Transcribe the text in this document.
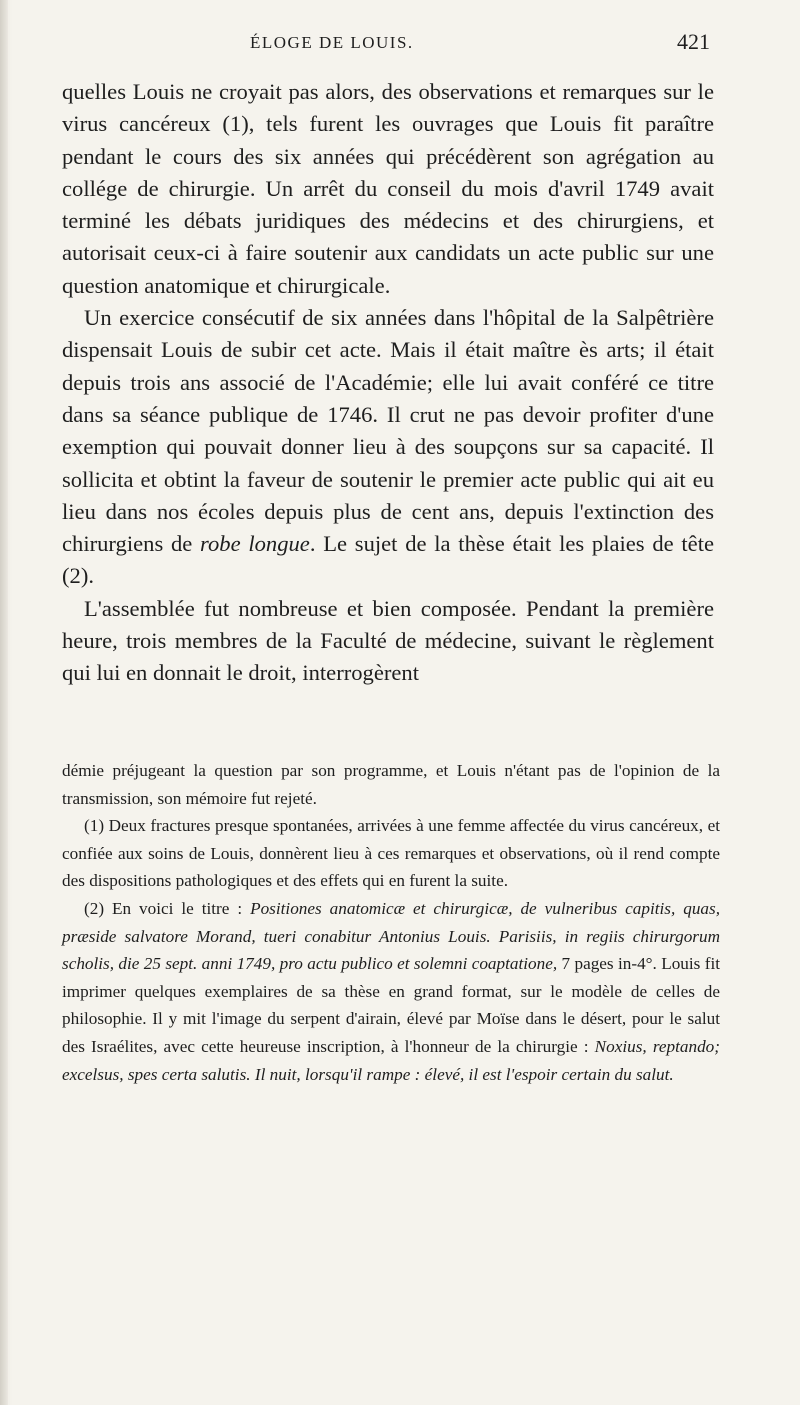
ÉLOGE DE LOUIS.	421

quelles Louis ne croyait pas alors, des observations et remarques sur le virus cancéreux (1), tels furent les ouvrages que Louis fit paraître pendant le cours des six années qui précédèrent son agrégation au collége de chirurgie. Un arrêt du conseil du mois d'avril 1749 avait terminé les débats juridiques des médecins et des chirurgiens, et autorisait ceux-ci à faire soutenir aux candidats un acte public sur une question anatomique et chirurgicale.

Un exercice consécutif de six années dans l'hôpital de la Salpêtrière dispensait Louis de subir cet acte. Mais il était maître ès arts; il était depuis trois ans associé de l'Académie; elle lui avait conféré ce titre dans sa séance publique de 1746. Il crut ne pas devoir profiter d'une exemption qui pouvait donner lieu à des soupçons sur sa capacité. Il sollicita et obtint la faveur de soutenir le premier acte public qui ait eu lieu dans nos écoles depuis plus de cent ans, depuis l'extinction des chirurgiens de robe longue. Le sujet de la thèse était les plaies de tête (2).

L'assemblée fut nombreuse et bien composée. Pendant la première heure, trois membres de la Faculté de médecine, suivant le règlement qui lui en donnait le droit, interrogèrent

démie préjugeant la question par son programme, et Louis n'étant pas de l'opinion de la transmission, son mémoire fut rejeté.

(1) Deux fractures presque spontanées, arrivées à une femme affectée du virus cancéreux, et confiée aux soins de Louis, donnèrent lieu à ces remarques et observations, où il rend compte des dispositions pathologiques et des effets qui en furent la suite.

(2) En voici le titre : Positiones anatomicæ et chirurgicæ, de vulneribus capitis, quas, præside salvatore Morand, tueri conabitur Antonius Louis. Parisiis, in regiis chirurgorum scholis, die 25 sept. anni 1749, pro actu publico et solemni coaptatione, 7 pages in-4°. Louis fit imprimer quelques exemplaires de sa thèse en grand format, sur le modèle de celles de philosophie. Il y mit l'image du serpent d'airain, élevé par Moïse dans le désert, pour le salut des Israélites, avec cette heureuse inscription, à l'honneur de la chirurgie : Noxius, reptando; excelsus, spes certa salutis. Il nuit, lorsqu'il rampe : élevé, il est l'espoir certain du salut.
